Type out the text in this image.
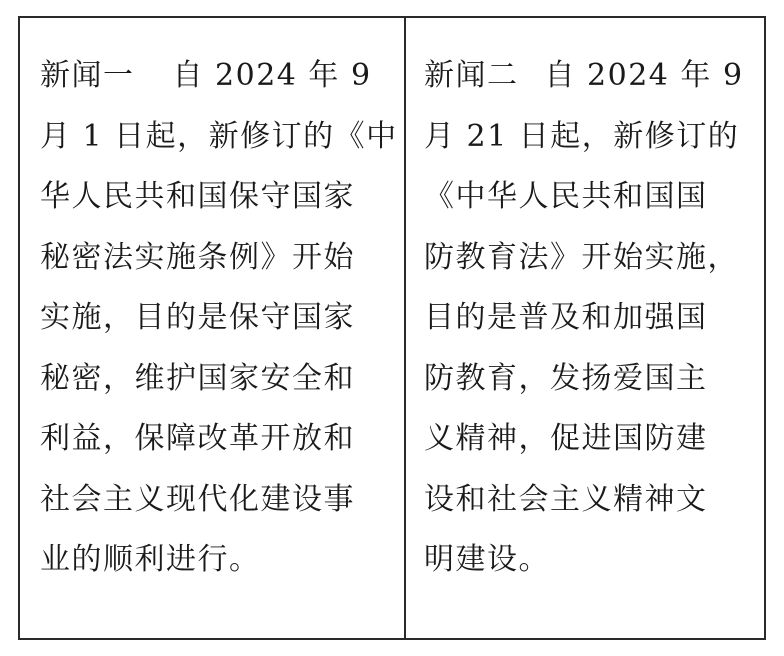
新闻一 自 2024 年 9
月 1 日起，新修订的《中
华人民共和国保守国家
秘密法实施条例》开始
实施，目的是保守国家
秘密，维护国家安全和
利益，保障改革开放和
社会主义现代化建设事
业的顺利进行。
新闻二 自 2024 年 9
月 21 日起，新修订的
《中华人民共和国国
防教育法》开始实施，
目的是普及和加强国
防教育，发扬爱国主
义精神，促进国防建
设和社会主义精神文
明建设。
